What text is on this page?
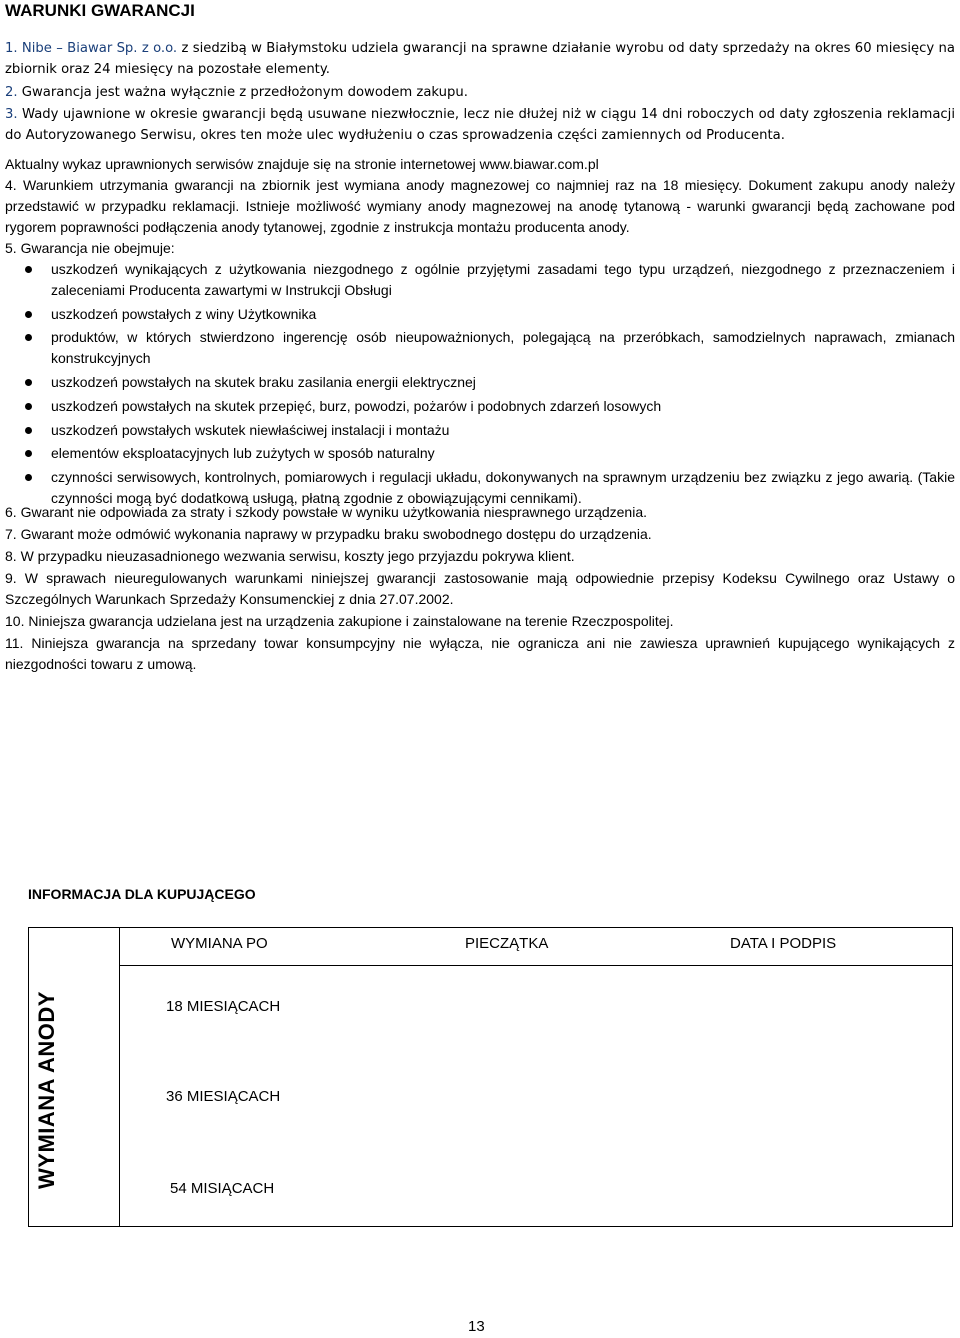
WARUNKI GWARANCJI
1. Nibe – Biawar Sp. z o.o. z siedzibą w Białymstoku udziela gwarancji na sprawne działanie wyrobu od daty sprzedaży na okres 60 miesięcy na zbiornik oraz 24 miesięcy na pozostałe elementy.
2. Gwarancja jest ważna wyłącznie z przedłożonym dowodem zakupu.
3. Wady ujawnione w okresie gwarancji będą usuwane niezwłocznie, lecz nie dłużej niż w ciągu 14 dni roboczych od daty zgłoszenia reklamacji do Autoryzowanego Serwisu, okres ten może ulec wydłużeniu o czas sprowadzenia części zamiennych od Producenta.
Aktualny wykaz uprawnionych serwisów znajduje się na stronie internetowej www.biawar.com.pl
4. Warunkiem utrzymania gwarancji na zbiornik jest wymiana anody magnezowej co najmniej raz na 18 miesięcy. Dokument zakupu anody należy przedstawić w przypadku reklamacji. Istnieje możliwość wymiany anody magnezowej na anodę tytanową - warunki gwarancji będą zachowane pod rygorem poprawności podłączenia anody tytanowej, zgodnie z instrukcja montażu producenta anody.
5. Gwarancja nie obejmuje:
uszkodzeń wynikających z użytkowania niezgodnego z ogólnie przyjętymi zasadami tego typu urządzeń, niezgodnego z przeznaczeniem i zaleceniami Producenta zawartymi w Instrukcji Obsługi
uszkodzeń powstałych z winy Użytkownika
produktów, w których stwierdzono ingerencję osób nieupoważnionych, polegającą na przeróbkach, samodzielnych naprawach, zmianach konstrukcyjnych
uszkodzeń powstałych na skutek braku zasilania energii elektrycznej
uszkodzeń powstałych na skutek przepięć, burz, powodzi, pożarów i podobnych zdarzeń losowych
uszkodzeń powstałych wskutek niewłaściwej instalacji i montażu
elementów eksploatacyjnych lub zużytych w sposób naturalny
czynności serwisowych, kontrolnych, pomiarowych i regulacji układu, dokonywanych na sprawnym urządzeniu bez związku z jego awarią. (Takie czynności mogą być dodatkową usługą, płatną zgodnie z obowiązującymi cennikami).
6. Gwarant nie odpowiada za straty i szkody powstałe w wyniku użytkowania niesprawnego urządzenia.
7. Gwarant może odmówić wykonania naprawy w przypadku braku swobodnego dostępu do urządzenia.
8. W przypadku nieuzasadnionego wezwania serwisu, koszty jego przyjazdu pokrywa klient.
9. W sprawach nieuregulowanych warunkami niniejszej gwarancji zastosowanie mają odpowiednie przepisy Kodeksu Cywilnego oraz Ustawy o Szczególnych Warunkach Sprzedaży Konsumenckiej z dnia 27.07.2002.
10. Niniejsza gwarancja udzielana jest na urządzenia zakupione i zainstalowane na terenie Rzeczpospolitej.
11. Niniejsza gwarancja na sprzedany towar konsumpcyjny nie wyłącza, nie ogranicza ani nie zawiesza uprawnień kupującego wynikających z niezgodności towaru z umową.
INFORMACJA DLA KUPUJĄCEGO
WYMIANA ANODY
WYMIANA PO	PIECZĄTKA	DATA I PODPIS
18 MIESIĄCACH
36 MIESIĄCACH
54 MISIĄCACH
13
